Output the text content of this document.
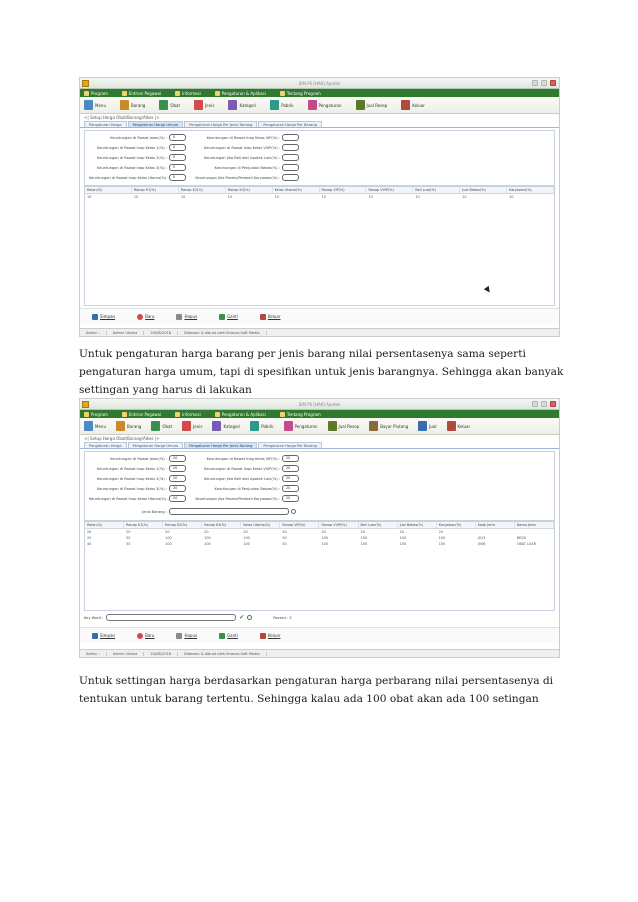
SIM PS [HAK] Apotek
Program	Entrian Pegawai	Informasi	Pengaturan & Aplikasi	Tentang Program
Menu	Barang	Obat	Jenis	Kategori	Pabrik	Pengaturan	Jual Resep	Keluar
<| Setup Harga Obat/Barang/Alkes |>
Pengaturan Harga	Pengaturan Harga Umum	Pengaturan Harga Per Jenis Barang	Pengaturan Harga Per Barang
Keuntungan di Rawat Jalan(%) :	0
Keuntungan di Rawat Inap Kelas 1(%) :	0
Keuntungan di Rawat Inap Kelas 2(%) :	0
Keuntungan di Rawat Inap Kelas 3(%) :	0
Keuntungan di Rawat Inap Kelas Utama(%) :	0
Keuntungan di Rawat Inap Kelas VIP(%) :
Keuntungan di Rawat Inap Kelas VVIP(%) :
Keuntungan Jika Beli dari Apotek Lain(%) :
Keuntungan di Penjualan Bebas(%) :
Keuntungan Jika Pasien/Pembeli Karyawan(%) :
Ralan(%)	Ranap K1(%)	Ranap K2(%)	Ranap K3(%)	Kelas Utama(%)	Ranap VIP(%)	Ranap VVIP(%)	Beli Luar(%)	Jual Bebas(%)	Karyawan(%)
10	10	10	10	10	10	10	10	10	10
Simpan	Baru	Hapus	Ganti	Keluar
Admin :	Admin Utama	20/08/2018	Didesain & dibuat oleh Khanza.Soft Media
Untuk pengaturan harga barang per jenis barang nilai persentasenya sama seperti pengaturan harga umum, tapi di spesifikan untuk jenis barangnya. Sehingga akan banyak settingan yang harus di lakukan
SIM PS [HAK] Apotek
Program	Entrian Pegawai	Informasi	Pengaturan & Aplikasi	Tentang Program
Menu	Barang	Obat	Jenis	Kategori	Pabrik	Pengaturan	Jual Resep	Bayar Piutang	Jual	Keluar
<| Setup Harga Obat/Barang/Alkes |>
Pengaturan Harga	Pengaturan Harga Umum	Pengaturan Harga Per Jenis Barang	Pengaturan Harga Per Barang
Keuntungan di Rawat Jalan(%) :	20
Keuntungan di Rawat Inap Kelas 1(%) :	20
Keuntungan di Rawat Inap Kelas 2(%) :	20
Keuntungan di Rawat Inap Kelas 3(%) :	20
Keuntungan di Rawat Inap Kelas Utama(%) :	20
Keuntungan di Rawat Inap Kelas VIP(%) :	20
Keuntungan di Rawat Inap Kelas VVIP(%) :	20
Keuntungan Jika Beli dari Apotek Lain(%) :	20
Keuntungan di Penjualan Bebas(%) :	20
Keuntungan Jika Pasien/Pembeli Karyawan(%) :	20
Jenis Barang :
Ralan(%)	Ranap K1(%)	Ranap K2(%)	Ranap K3(%)	Kelas Utama(%)	Ranap VIP(%)	Ranap VVIP(%)	Beli Luar(%)	Jual Bebas(%)	Karyawan(%)	Kode Jenis	Nama Jenis
20	20	20	20	20	20	20	20	20	20
20	50	100	100	100	50	100	100	100	100	J013	BEDS
40	50	100	100	100	50	100	100	100	100	J006	OBAT LUAR
Key Word :	✔	Record : 3
Simpan	Baru	Hapus	Ganti	Keluar
Admin :	Admin Utama	20/08/2018	Didesain & dibuat oleh Khanza.Soft Media
Untuk settingan harga berdasarkan pengaturan harga perbarang nilai persentasenya di tentukan untuk barang tertentu. Sehingga kalau ada 100 obat akan ada 100 setingan
